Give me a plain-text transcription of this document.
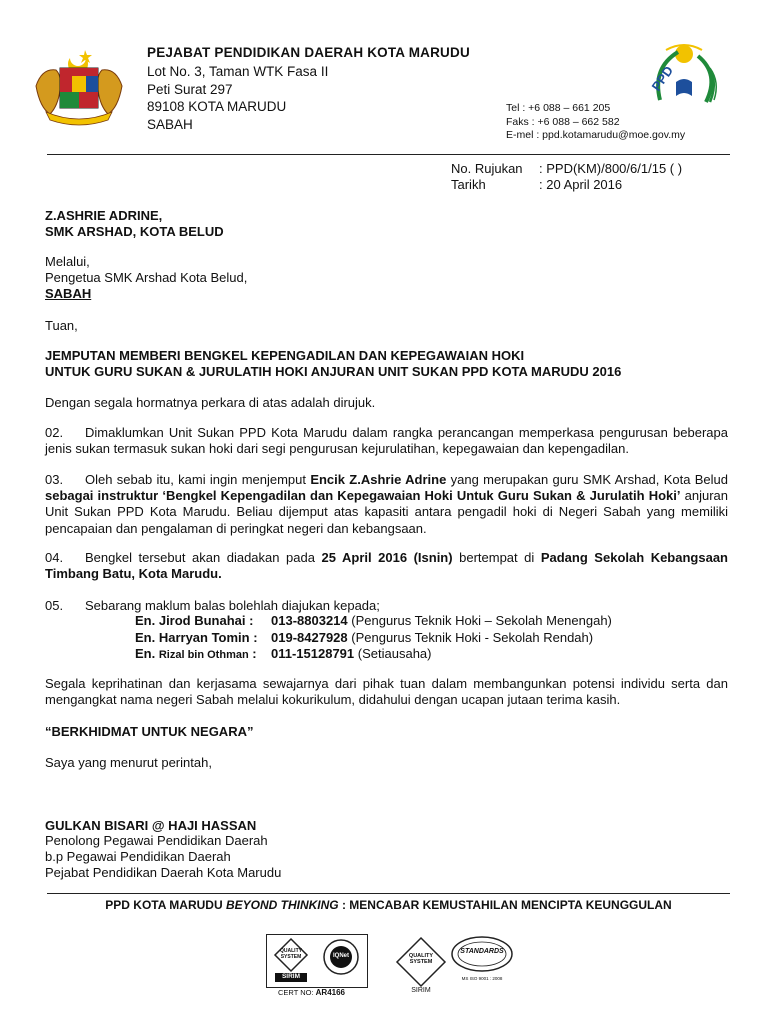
PEJABAT PENDIDIKAN DAERAH KOTA MARUDU
Lot No. 3, Taman WTK Fasa II
Peti Surat 297
89108 KOTA MARUDU
SABAH
PPD
Tel : +6 088 – 661 205
Faks : +6 088 – 662 582
E-mel : ppd.kotamarudu@moe.gov.my
No. Rujukan : PPD(KM)/800/6/1/15 ( )
Tarikh	: 20 April 2016
Z.ASHRIE ADRINE,
SMK ARSHAD, KOTA BELUD
Melalui,
Pengetua SMK Arshad Kota Belud,
SABAH
Tuan,
JEMPUTAN MEMBERI BENGKEL KEPENGADILAN DAN KEPEGAWAIAN HOKI
UNTUK GURU SUKAN & JURULATIH HOKI ANJURAN UNIT SUKAN PPD KOTA MARUDU 2016
Dengan segala hormatnya perkara di atas adalah dirujuk.
02. Dimaklumkan Unit Sukan PPD Kota Marudu dalam rangka perancangan memperkasa pengurusan beberapa jenis sukan termasuk sukan hoki dari segi pengurusan kejurulatihan, kepegawaian dan kepengadilan.
03. Oleh sebab itu, kami ingin menjemput Encik Z.Ashrie Adrine yang merupakan guru SMK Arshad, Kota Belud sebagai instruktur ‘Bengkel Kepengadilan dan Kepegawaian Hoki Untuk Guru Sukan & Jurulatih Hoki’ anjuran Unit Sukan PPD Kota Marudu. Beliau dijemput atas kapasiti antara pengadil hoki di Negeri Sabah yang memiliki pencapaian dan pengalaman di peringkat negeri dan kebangsaan.
04. Bengkel tersebut akan diadakan pada 25 April 2016 (Isnin) bertempat di Padang Sekolah Kebangsaan Timbang Batu, Kota Marudu.
05. Sebarang maklum balas bolehlah diajukan kepada;
En. Jirod Bunahai : 013-8803214 (Pengurus Teknik Hoki – Sekolah Menengah)
En. Harryan Tomin : 019-8427928 (Pengurus Teknik Hoki - Sekolah Rendah)
En. Rizal bin Othman : 011-15128791 (Setiausaha)
Segala keprihatinan dan kerjasama sewajarnya dari pihak tuan dalam membangunkan potensi individu serta dan mengangkat nama negeri Sabah melalui kokurikulum, didahului dengan ucapan jutaan terima kasih.
“BERKHIDMAT UNTUK NEGARA”
Saya yang menurut perintah,
GULKAN BISARI @ HAJI HASSAN
Penolong Pegawai Pendidikan Daerah
b.p Pegawai Pendidikan Daerah
Pejabat Pendidikan Daerah Kota Marudu
PPD KOTA MARUDU BEYOND THINKING : MENCABAR KEMUSTAHILAN MENCIPTA KEUNGGULAN
QUALITY SYSTEM
SIRIM
IQNet
CERT NO: AR4166
QUALITY SYSTEM
SIRIM
STANDARDS
MS ISO 9001 : 2008
